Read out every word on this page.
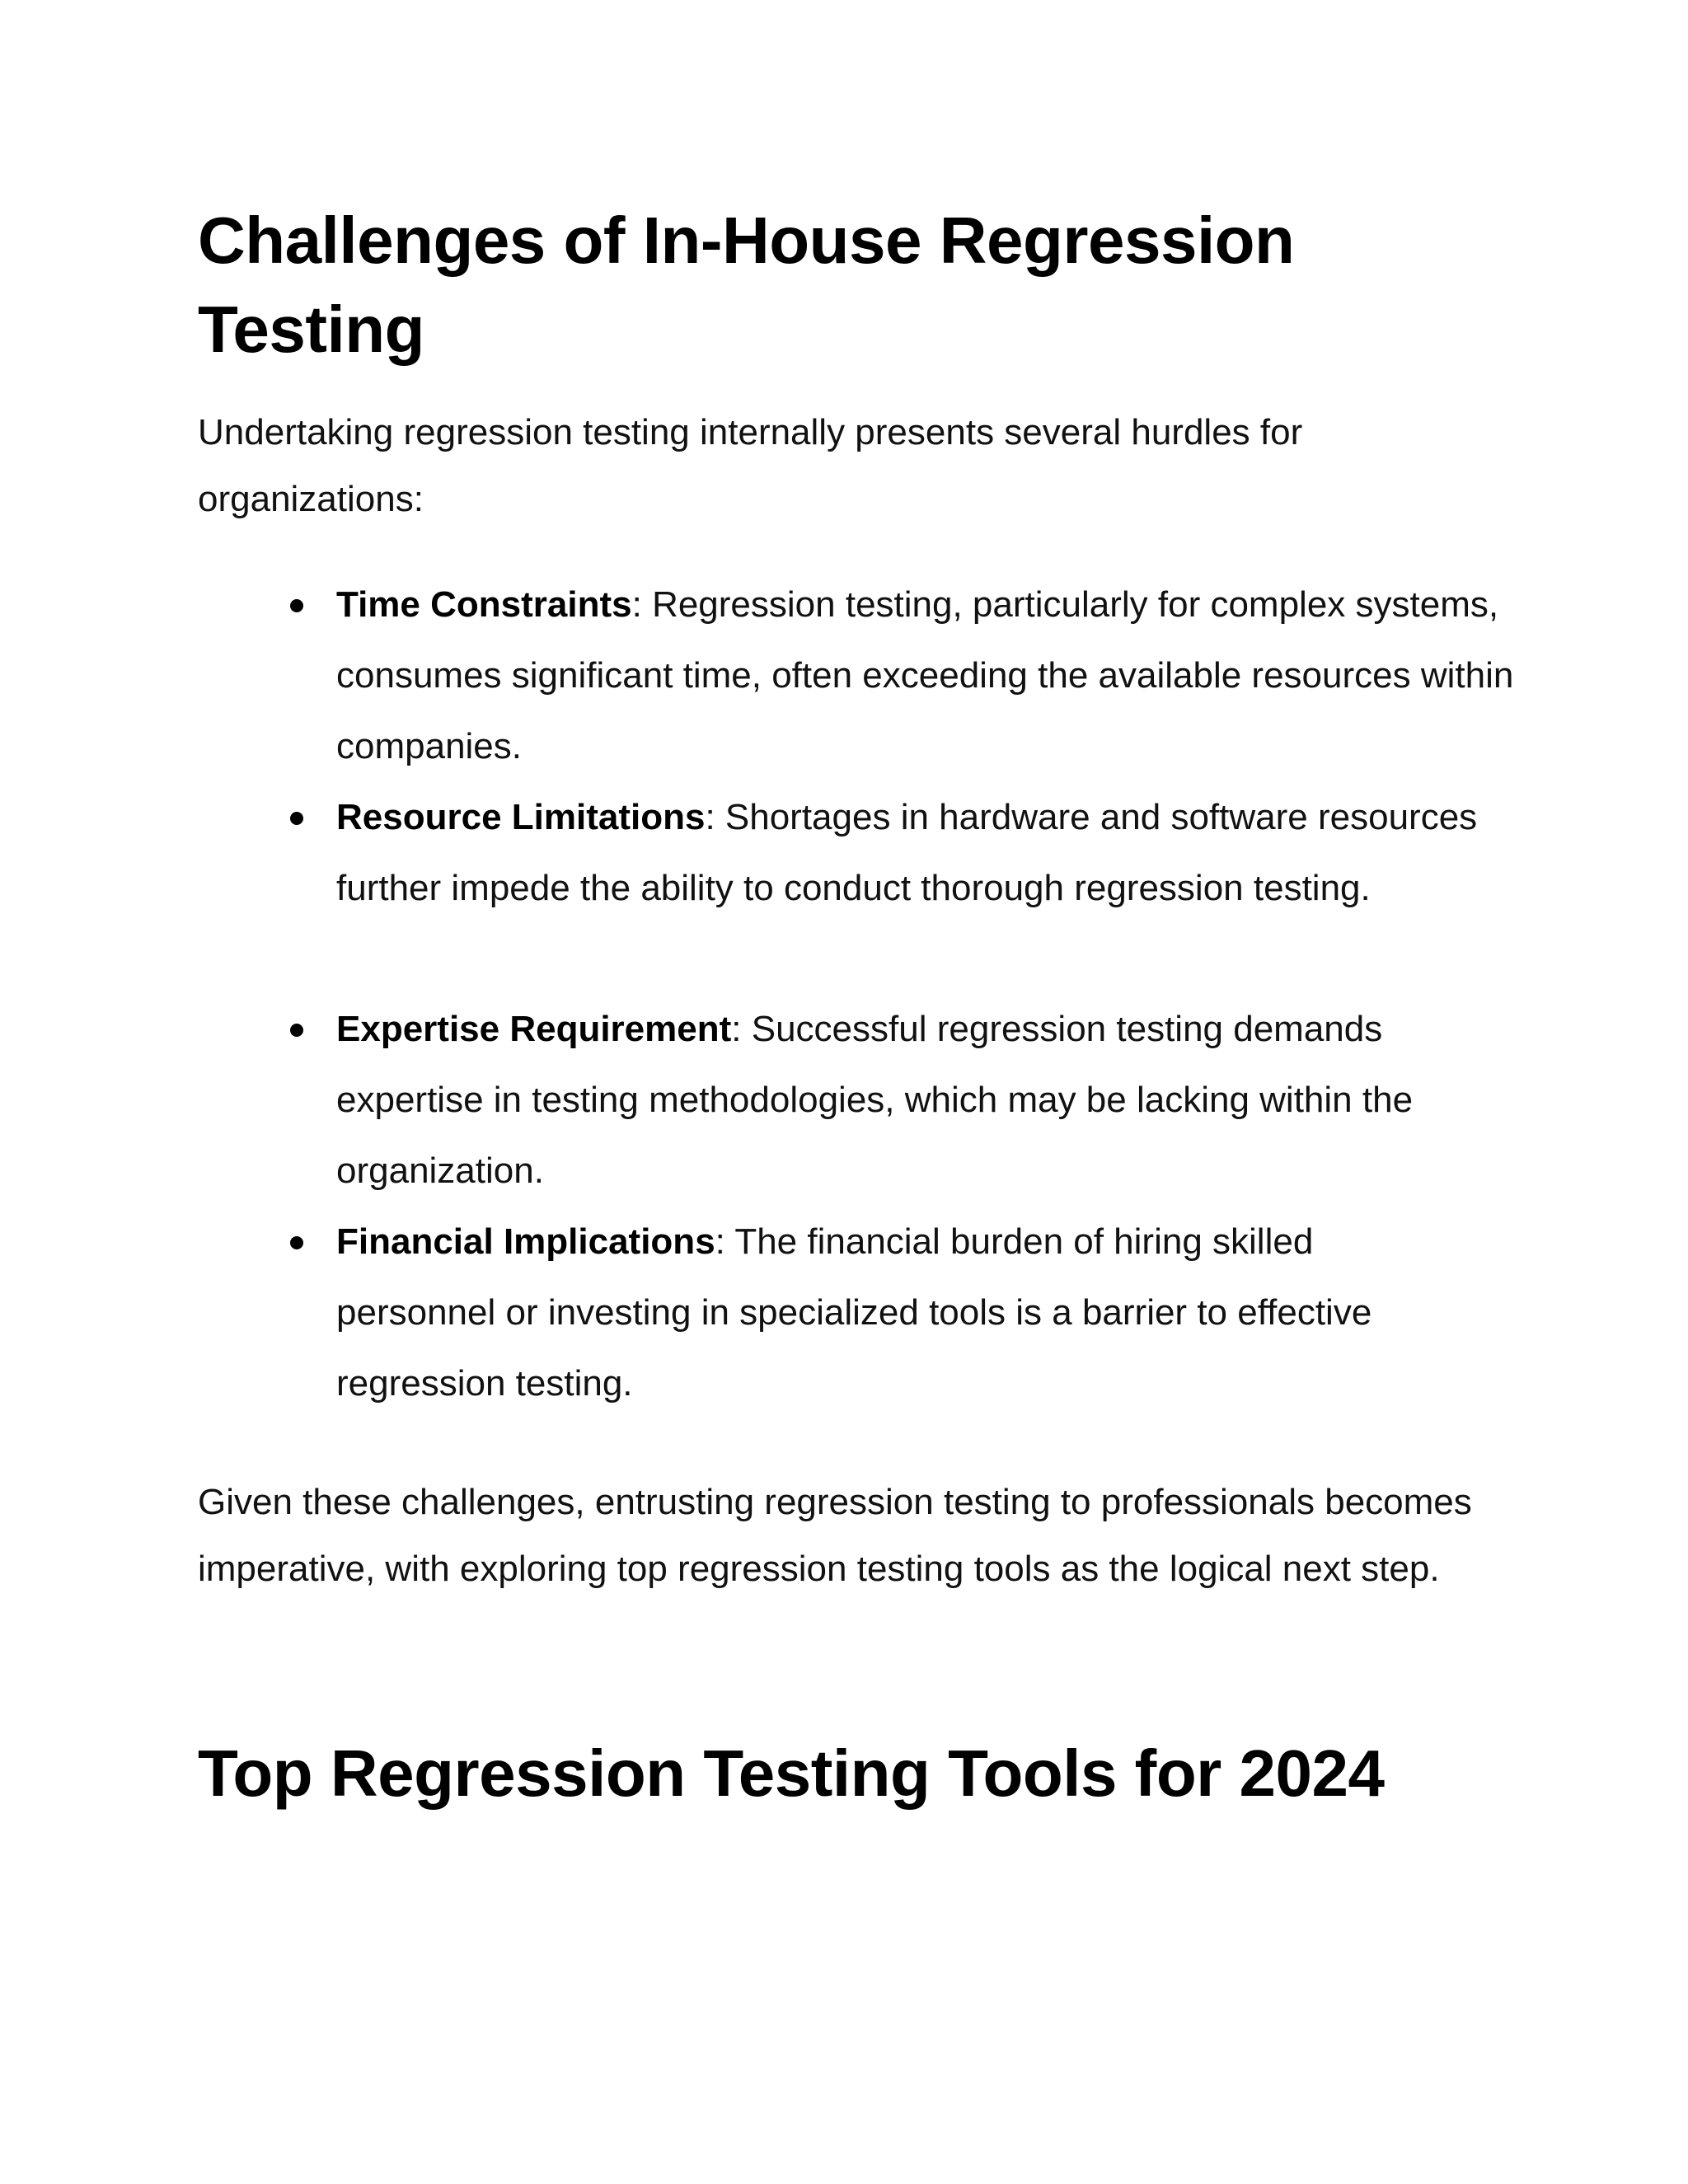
Challenges of In-House Regression Testing

Undertaking regression testing internally presents several hurdles for organizations:

Time Constraints: Regression testing, particularly for complex systems, consumes significant time, often exceeding the available resources within companies.
Resource Limitations: Shortages in hardware and software resources further impede the ability to conduct thorough regression testing.
Expertise Requirement: Successful regression testing demands expertise in testing methodologies, which may be lacking within the organization.
Financial Implications: The financial burden of hiring skilled personnel or investing in specialized tools is a barrier to effective regression testing.

Given these challenges, entrusting regression testing to professionals becomes imperative, with exploring top regression testing tools as the logical next step.

Top Regression Testing Tools for 2024
